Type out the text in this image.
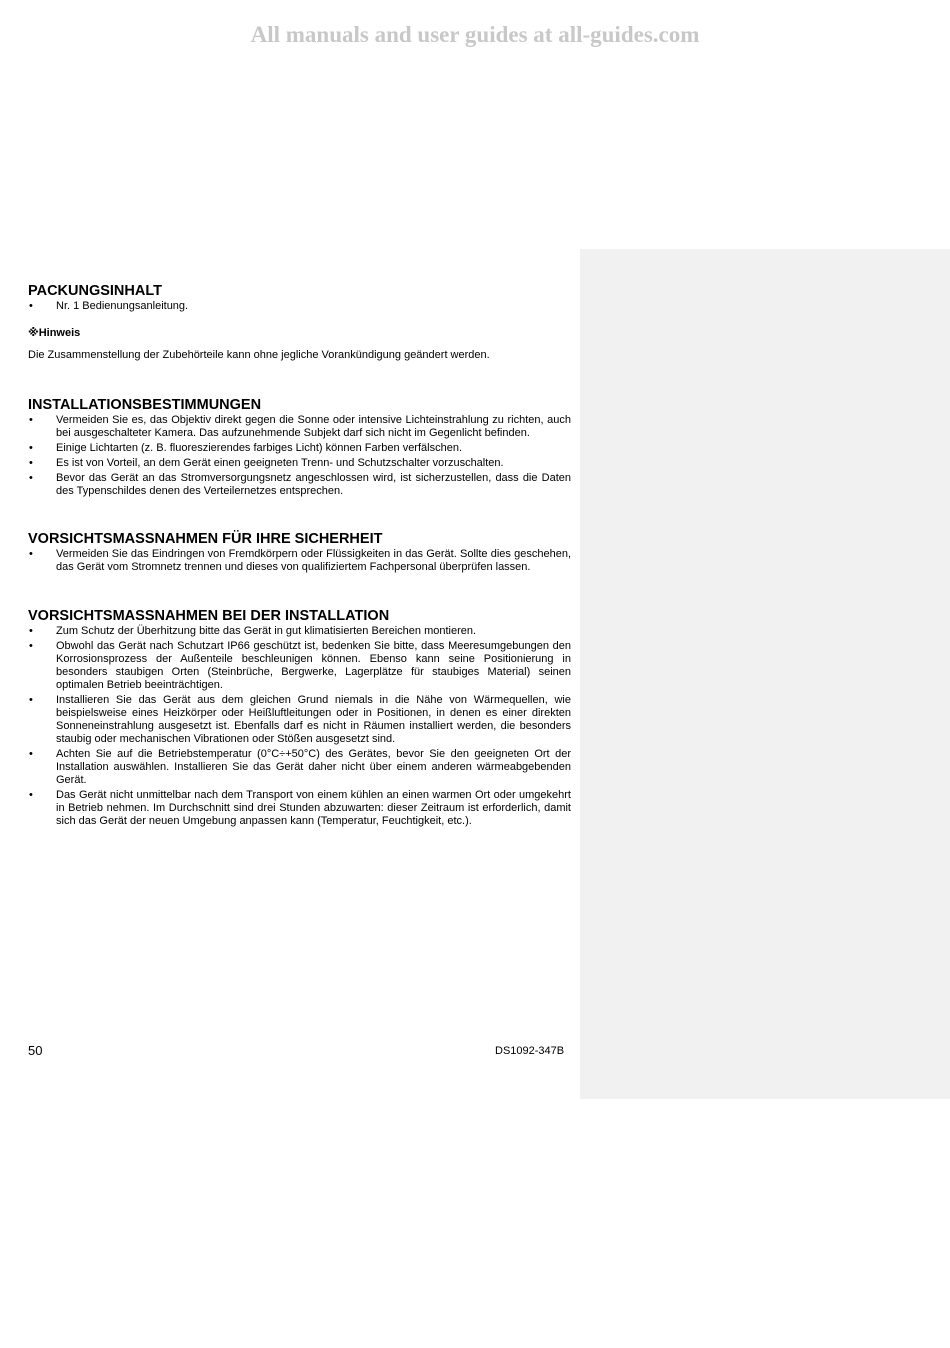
All manuals and user guides at all-guides.com
PACKUNGSINHALT
• Nr. 1 Bedienungsanleitung.
※Hinweis
Die Zusammenstellung der Zubehörteile kann ohne jegliche Vorankündigung geändert werden.
INSTALLATIONSBESTIMMUNGEN
• Vermeiden Sie es, das Objektiv direkt gegen die Sonne oder intensive Lichteinstrahlung zu richten, auch bei ausgeschalteter Kamera. Das aufzunehmende Subjekt darf sich nicht im Gegenlicht befinden.
• Einige Lichtarten (z. B. fluoreszierendes farbiges Licht) können Farben verfälschen.
• Es ist von Vorteil, an dem Gerät einen geeigneten Trenn- und Schutzschalter vorzuschalten.
• Bevor das Gerät an das Stromversorgungsnetz angeschlossen wird, ist sicherzustellen, dass die Daten des Typenschildes denen des Verteilernetzes entsprechen.
VORSICHTSMASSNAHMEN FÜR IHRE SICHERHEIT
• Vermeiden Sie das Eindringen von Fremdkörpern oder Flüssigkeiten in das Gerät. Sollte dies geschehen, das Gerät vom Stromnetz trennen und dieses von qualifiziertem Fachpersonal überprüfen lassen.
VORSICHTSMASSNAHMEN BEI DER INSTALLATION
• Zum Schutz der Überhitzung bitte das Gerät in gut klimatisierten Bereichen montieren.
• Obwohl das Gerät nach Schutzart IP66 geschützt ist, bedenken Sie bitte, dass Meeresumgebungen den Korrosionsprozess der Außenteile beschleunigen können. Ebenso kann seine Positionierung in besonders staubigen Orten (Steinbrüche, Bergwerke, Lagerplätze für staubiges Material) seinen optimalen Betrieb beeinträchtigen.
• Installieren Sie das Gerät aus dem gleichen Grund niemals in die Nähe von Wärmequellen, wie beispielsweise eines Heizkörper oder Heißluftleitungen oder in Positionen, in denen es einer direkten Sonneneinstrahlung ausgesetzt ist. Ebenfalls darf es nicht in Räumen installiert werden, die besonders staubig oder mechanischen Vibrationen oder Stößen ausgesetzt sind.
• Achten Sie auf die Betriebstemperatur (0°C÷+50°C) des Gerätes, bevor Sie den geeigneten Ort der Installation auswählen. Installieren Sie das Gerät daher nicht über einem anderen wärmeabgebenden Gerät.
• Das Gerät nicht unmittelbar nach dem Transport von einem kühlen an einen warmen Ort oder umgekehrt in Betrieb nehmen. Im Durchschnitt sind drei Stunden abzuwarten: dieser Zeitraum ist erforderlich, damit sich das Gerät der neuen Umgebung anpassen kann (Temperatur, Feuchtigkeit, etc.).
50	DS1092-347B
